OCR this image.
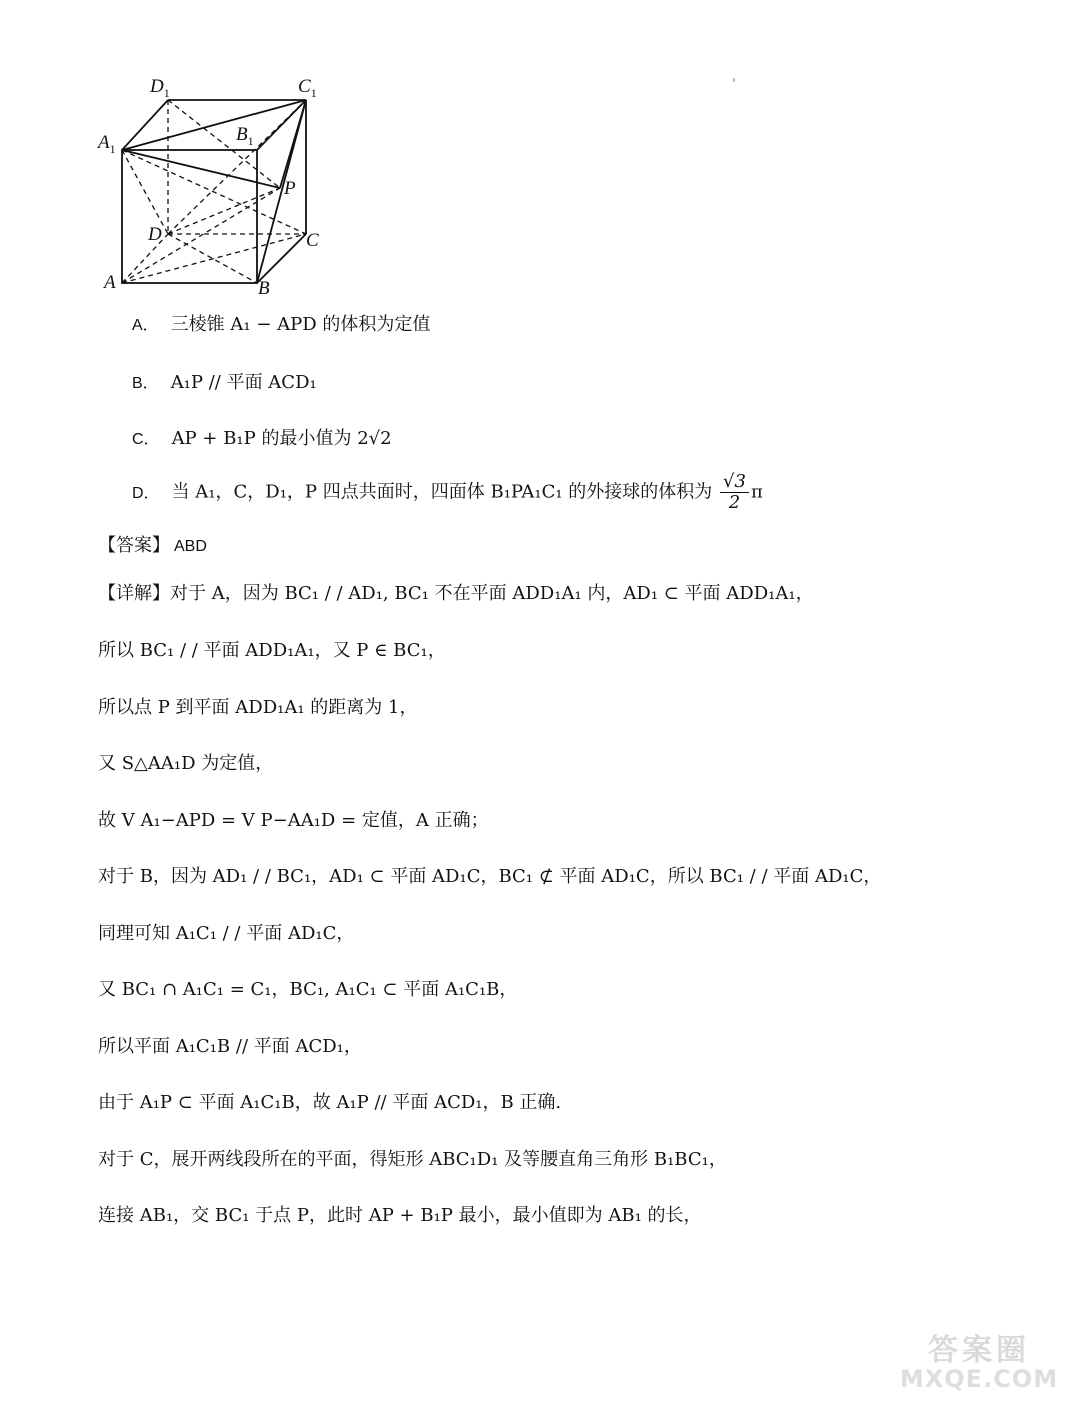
$D_1$	$C_1$
$A_1$
$B_1$
P
D	C
A	B
A． 三棱锥 A₁ − APD 的体积为定值
B． A₁P // 平面 ACD₁
C． AP + B₁P 的最小值为 2√2
D． 当 A₁，C，D₁，P 四点共面时，四面体 B₁PA₁C₁ 的外接球的体积为 $\frac{√3}{2}$ π
【答案】 ABD
【详解】对于 A，因为 BC₁ / / AD₁, BC₁ 不在平面 ADD₁A₁ 内，AD₁ ⊂ 平面 ADD₁A₁，
所以 BC₁ / / 平面 ADD₁A₁，又 P ∈ BC₁，
所以点 P 到平面 ADD₁A₁ 的距离为 1，
又 S△AA₁D 为定值，
故 V A₁−APD = V P−AA₁D = 定值，A 正确；
对于 B，因为 AD₁ / / BC₁，AD₁ ⊂ 平面 AD₁C，BC₁ ⊄ 平面 AD₁C，所以 BC₁ / / 平面 AD₁C，
同理可知 A₁C₁ / / 平面 AD₁C，
又 BC₁ ∩ A₁C₁ = C₁，BC₁, A₁C₁ ⊂ 平面 A₁C₁B，
所以平面 A₁C₁B // 平面 ACD₁，
由于 A₁P ⊂ 平面 A₁C₁B，故 A₁P // 平面 ACD₁，B 正确.
对于 C，展开两线段所在的平面，得矩形 ABC₁D₁ 及等腰直角三角形 B₁BC₁，
连接 AB₁，交 BC₁ 于点 P，此时 AP + B₁P 最小，最小值即为 AB₁ 的长，
答案圈
MXQE.COM
